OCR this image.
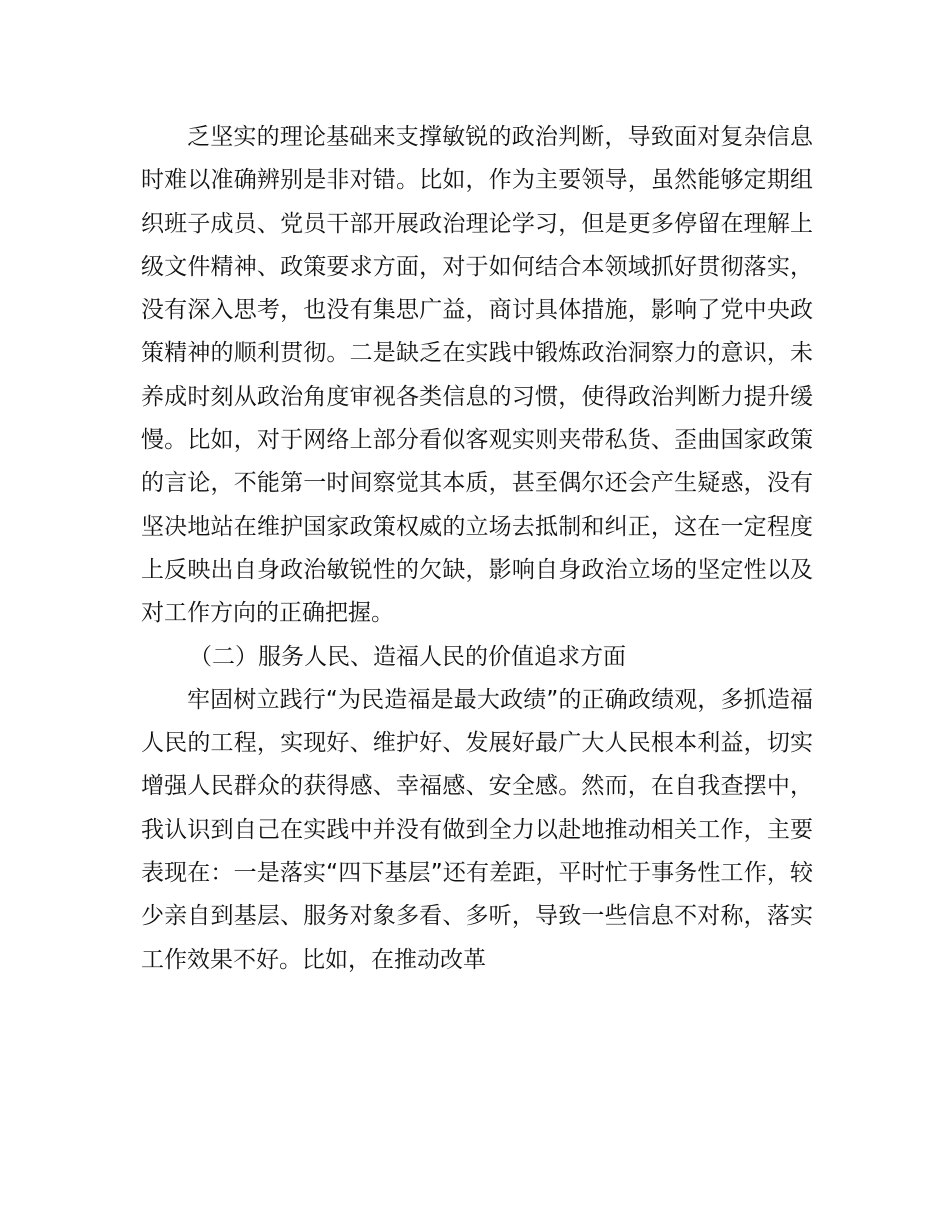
乏坚实的理论基础来支撑敏锐的政治判断，导致面对复杂信息时难以准确辨别是非对错。比如，作为主要领导，虽然能够定期组织班子成员、党员干部开展政治理论学习，但是更多停留在理解上级文件精神、政策要求方面，对于如何结合本领域抓好贯彻落实，没有深入思考，也没有集思广益，商讨具体措施，影响了党中央政策精神的顺利贯彻。二是缺乏在实践中锻炼政治洞察力的意识，未养成时刻从政治角度审视各类信息的习惯，使得政治判断力提升缓慢。比如，对于网络上部分看似客观实则夹带私货、歪曲国家政策的言论，不能第一时间察觉其本质，甚至偶尔还会产生疑惑，没有坚决地站在维护国家政策权威的立场去抵制和纠正，这在一定程度上反映出自身政治敏锐性的欠缺，影响自身政治立场的坚定性以及对工作方向的正确把握。

（二）服务人民、造福人民的价值追求方面

牢固树立践行“为民造福是最大政绩”的正确政绩观，多抓造福人民的工程，实现好、维护好、发展好最广大人民根本利益，切实增强人民群众的获得感、幸福感、安全感。然而，在自我查摆中，我认识到自己在实践中并没有做到全力以赴地推动相关工作，主要表现在：一是落实“四下基层”还有差距，平时忙于事务性工作，较少亲自到基层、服务对象多看、多听，导致一些信息不对称，落实工作效果不好。比如，在推动改革
